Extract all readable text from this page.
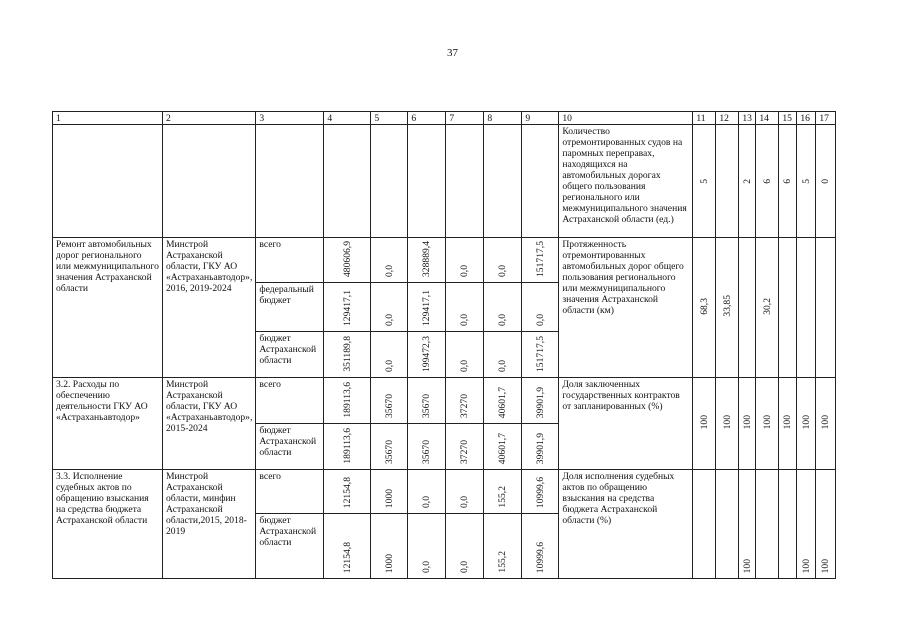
37
1	2	3	4	5	6	7	8	9	10	11	12	13	14	15	16	17
									Количество отремонтированных судов на паромных переправах, находящихся на автомобильных дорогах общего пользования регионального или межмуниципального значения Астраханской области (ед.)	5		2	6	6	5	0
Ремонт автомобильных дорог регионального или межмуниципального значения Астраханской области	Минстрой Астраханской области, ГКУ АО «Астраханьавтодор», 2016, 2019-2024	всего	480606,9	0,0	328889,4	0,0	0,0	151717,5	Протяженность отремонтированных автомобильных дорог общего пользования регионального или межмуниципального значения Астраханской области (км)	68,3	33,85		30,2			
		федеральный бюджет	129417,1	0,0	129417,1	0,0	0,0	0,0								
		бюджет Астраханской области	351189,8	0,0	199472,3	0,0	0,0	151717,5								
3.2. Расходы по обеспечению деятельности ГКУ АО «Астраханьавтодор»	Минстрой Астраханской области, ГКУ АО «Астраханьавтодор», 2015-2024	всего	189113,6	35670	35670	37270	40601,7	39901,9	Доля заключенных государственных контрактов от запланированных (%)	100	100	100	100	100	100	100
		бюджет Астраханской области	189113,6	35670	35670	37270	40601,7	39901,9								
3.3. Исполнение судебных актов по обращению взыскания на средства бюджета Астраханской области	Минстрой Астраханской области, минфин Астраханской области,2015, 2018-2019	всего	12154,8	1000	0,0	0,0	155,2	10999,6	Доля исполнения судебных актов по обращению взыскания на средства бюджета Астраханской области (%)			100			100	100
		бюджет Астраханской области	12154,8	1000	0,0	0,0	155,2	10999,6								
